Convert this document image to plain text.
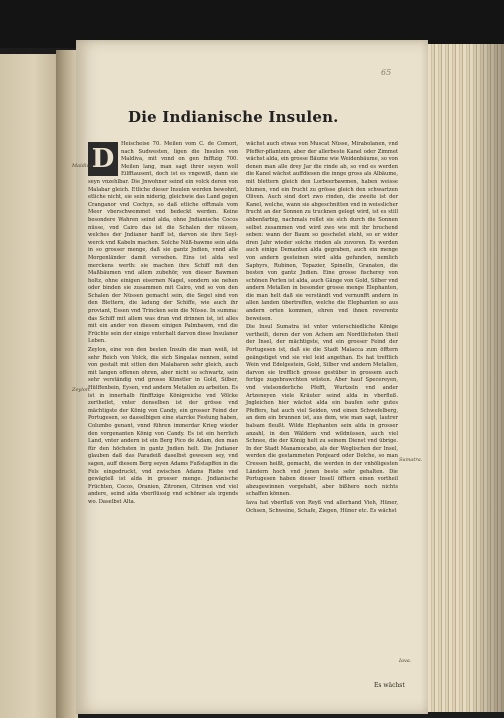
65
Die Indianische Insulen.
D	Heischeise 70. Meilen vom C. de Comori, nach Sudwesten, ligen die Insulen von Maldiva, mit vnnd on gen fnfftzig 700. Meilen lang, man sagt ihrer seyen woll Eilfftausent, doch ist es vngewiß, dann sie seyn vnzehlbar. Die Jnwohner seind ein volck deren von Malabar gleich. Etliche dieser Insulen werden bewohnt, etliche nicht, sie sein niderig, gleichwie das Land gegen Cranganor vnd Cochyn, so daß etliche offtmals vom Meer vberschwemmet vnd bedeckt werden. Keine besondere Wahren seind alda, ohne Jndianische Cocos nüsse, vnd Cairo das ist die Schalen der nüssen, welches der Jndianer hanff ist, darvon sie ihre Seyl-werck vnd Kabeln machen. Solche Nüß-bawme sein alda in so grosser menge, daß sie gantz Jndien, vnnd alle Morgenländer damit versehen. Eins ist alda wol merckens werth: sie machen ihre Schiff mit den Maßbäumen vnd allem zubehör, von dieser Bawmen holtz, ohne einigen eisernen Nagel, sondern sie nehen oder binden sie zusammen mit Cairo, vnd so von den Schalen der Nüssen gemacht sein, die Segel sind von den Blettern, die ladung der Schiffe, wie auch ihr proviant, Essen vnd Trincken sein die Nüsse. In summa: das Schiff mit allem was dran vnd drinnen ist, ist alles mit ein ander von diesem einigen Palmbawm, vnd die Früchte sein der einige vnterhalt darvon diese Insulaner Leben.

Zeylon, eine von den besten Insuln die man weiß, ist sehr Reich von Volck, die sich Singalas nennen, seind von gestalt mit sitten den Malabaren sehr gleich, auch mit langen offenen ohren, aber nicht so schwartz, sein sehr verständig vnd grosse Künstler in Gold, Silber, Hülffenbein, Eysen, vnd andern Metallen zu arbeiten. Es ist in innerhalb fünfftzige Königreiche vnd Völcke zertheilet, vnter denselben ist der grösse vnd mächtigste der König von Candy, ein grosser Feind der Portugesen, so dasselbigen eine starcke Festung haben, Columbo genant, vnnd führen immerdar Krieg wieder den vorgenanten König von Candy. Es ist ein herrlich Land, vnter andern ist ein Berg Pico de Adam, den man für den höchsten in gantz Jndien helt. Die Jndianer glauben daß das Paradeiß daselbst gewesen sey, vnd sagen, auff diesem Berg seyen Adams Fußstapffen in die Fels eingedruckt, vnd zwischen Adams Riebe vnd gewägtell ist alda in grosser menge. Jndianische Früchten, Cocos, Oranien, Zitronen, Citrinen vnd viel andere, seind alda vberflüssig vnd schöner als irgends wo. Daselbst Alta.

wächst auch etwas von Muscat Nüsse, Mirabolanen, vnd Pfeffer-pflantzen, aber der allerbeste Kanel oder Zimmet wächst alda, ein grosse Bäume wie Weidenbäume, so von denen man alle drey Jar die rinde ab, so vnd es werden die Kanel wächst auffdiesen die innge gross als Albäume, mit blettern gleich den Lorbeerbawmen, haben weisse blumen, vnd ein frucht zu grösse gleich den schwartzen Oliven. Auch sind dort zwo rinden, die zweite ist der Kanel, welche, wann sie abgeschnitten vnd in weisslicher frucht an der Sonnen zu trucknen gelegt wird, ist es still abbenfarbig, nachmals rollet sie sich durch die Sonnen selbst zusammen vnd wird zwo wie mit ihr bruchend seben: wann der Baum so geschelet steht, so er wider dren Jahr wieder solche rinden als zuvoren. Es werden auch einige Demanten alda gegraben, auch ein menge von andern gesteinen wird alda gefunden, nemlich Saphyrs, Rubinen, Topazier, Spinelln, Granaten, die besten von gantz Jndien. Eine grosse fischerey von schönen Perlen ist alda, auch Gänge von Gold, Silber vnd andern Metallen in besonder grosse menge Elephanten, die man helt daß sie verständt vnd vernunfft andern in allen landen übertreffen, welche die Elephanten so aus andern orten kommen, ehren vnd ihnen reverentz beweisen.

Die Insul Sumatra ist vnter vnterschiedliche Könige vertheilt, deren der von Achem am Nordtlichsten theil der Insel, der mächtigste, vnd ein grosser Feind der Portugesen ist, daß sie die Stadt Malacca zum öfftern geängstiget vnd sie viel leid angethan. Es hat trefflich Wein vnd Edelgestein, Gold, Silber vnd andern Metallen, darvon sie trefflich grosse gestüber in grossem auch fertige zugebrawchten wüsten. Aber hauf Specereyen, vnd vielsonderliche Pfefft, Wurtzeln vnd ander Artzeneyen viele Kräuter seind alda in vberfluß. Jngleichen hier wächst alda ein baufen sehr gutes Pfeffers, hat auch viel Seiden, vnd einen Schwefelberg, an dem ein brunnen ist, aus dem, wie man sagt, lautrer balsam fleußt. Wilde Elephanten sein alda in grosser anzahl, in den Wäldern vnd wildnüssen, auch viel Schnee, die der König helt zu seinem Dienst vnd übrige. In der Stadt Manamocabo, als der Weglischen der Insel, werden die gestammeten Ponjeard oder Dolche, so man Cressen heißt, gemacht, die werden in der vnhöligesten Ländern hoch vnd jenen beste sehr gehalten. Die Portugesen haben dieser Insell öfftern einen vortheil abzugewinnen vorgehabt, aber bißhero noch nichts schaffen können.

Iava hat vberfluß von Reyß vnd allerhand Vieh, Hüner, Ochsen, Schweine, Schafe, Ziegen, Hüner etc. Es wächst

Maldiva.
Zeylon.
Sumatra.
Iava.
Es wächst
